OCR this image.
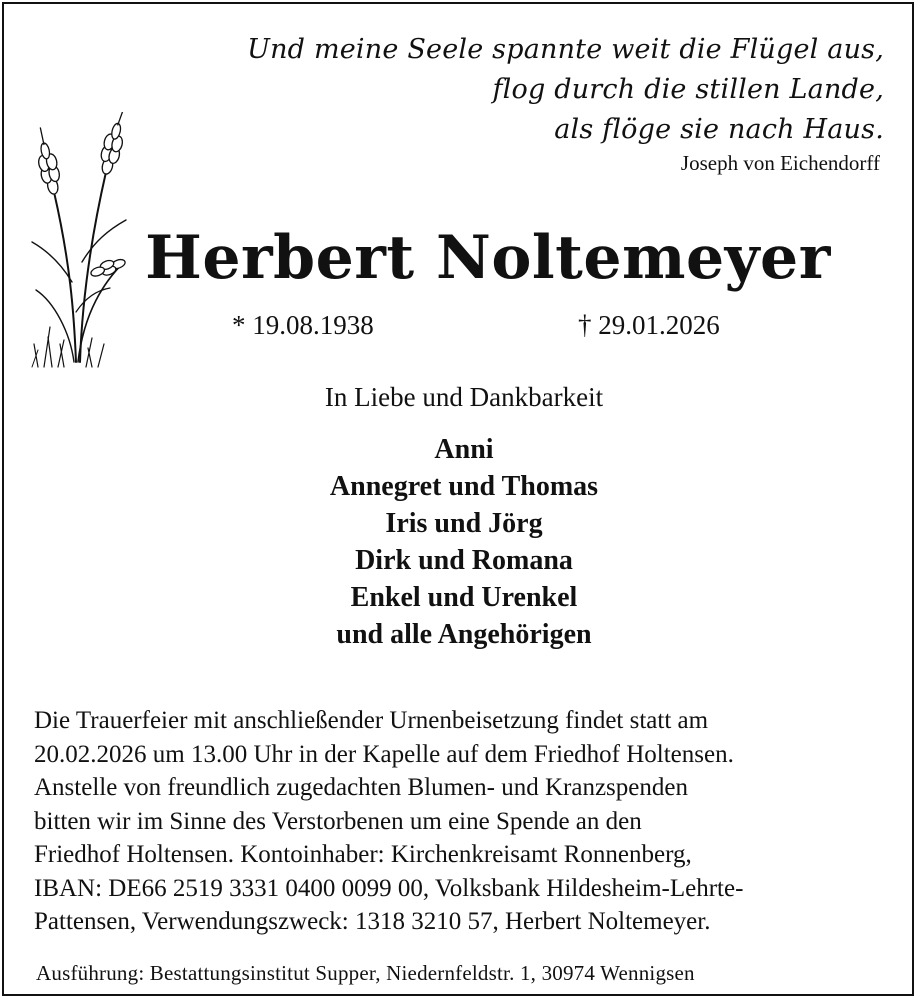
Und meine Seele spannte weit die Flügel aus,
flog durch die stillen Lande,
als flöge sie nach Haus.
Joseph von Eichendorff
Herbert Noltemeyer
* 19.08.1938	† 29.01.2026
In Liebe und Dankbarkeit
Anni
Annegret und Thomas
Iris und Jörg
Dirk und Romana
Enkel und Urenkel
und alle Angehörigen
Die Trauerfeier mit anschließender Urnenbeisetzung findet statt am
20.02.2026 um 13.00 Uhr in der Kapelle auf dem Friedhof Holtensen.
Anstelle von freundlich zugedachten Blumen- und Kranzspenden
bitten wir im Sinne des Verstorbenen um eine Spende an den
Friedhof Holtensen. Kontoinhaber: Kirchenkreisamt Ronnenberg,
IBAN: DE66 2519 3331 0400 0099 00, Volksbank Hildesheim-Lehrte-
Pattensen, Verwendungszweck: 1318 3210 57, Herbert Noltemeyer.
Ausführung: Bestattungsinstitut Supper, Niedernfeldstr. 1, 30974 Wennigsen
